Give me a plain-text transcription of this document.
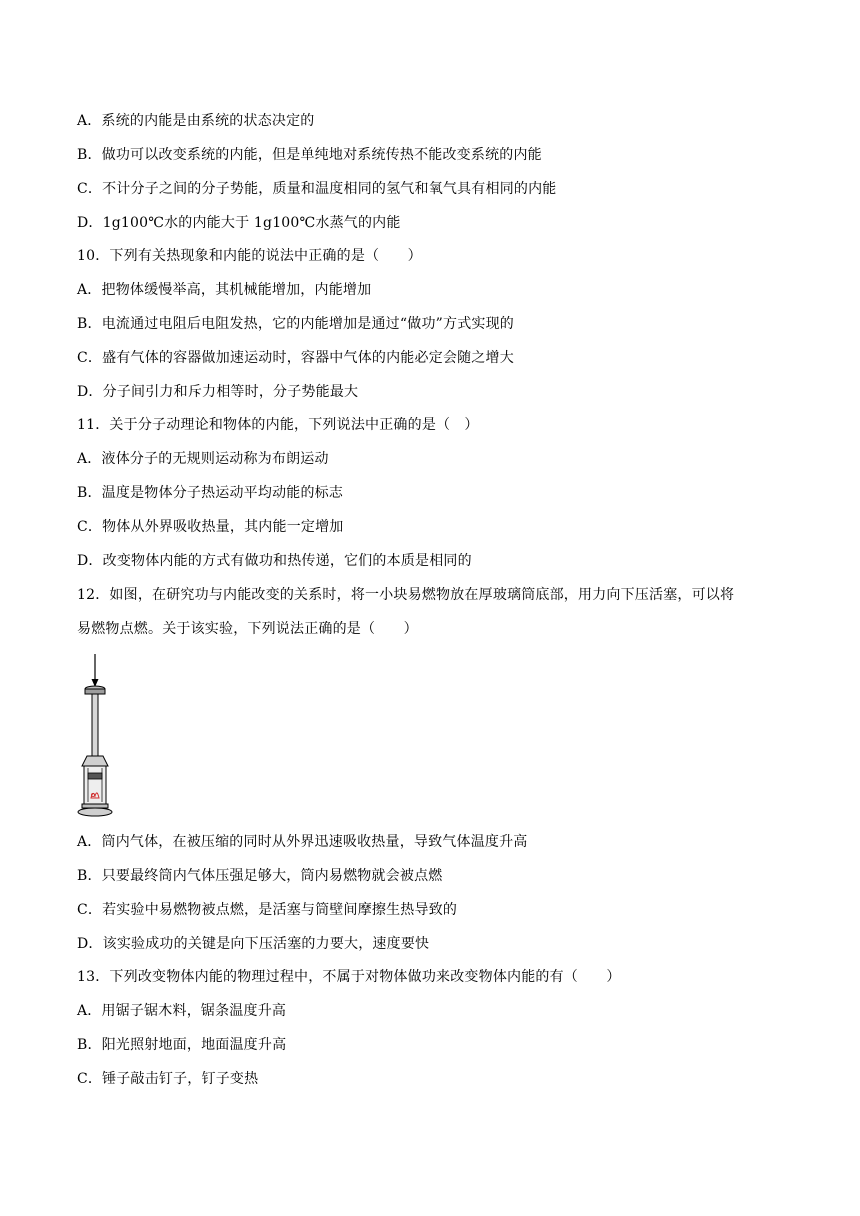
A．系统的内能是由系统的状态决定的
B．做功可以改变系统的内能，但是单纯地对系统传热不能改变系统的内能
C．不计分子之间的分子势能，质量和温度相同的氢气和氧气具有相同的内能
D．1g100℃水的内能大于 1g100℃水蒸气的内能
10．下列有关热现象和内能的说法中正确的是（　　）
A．把物体缓慢举高，其机械能增加，内能增加
B．电流通过电阻后电阻发热，它的内能增加是通过“做功”方式实现的
C．盛有气体的容器做加速运动时，容器中气体的内能必定会随之增大
D．分子间引力和斥力相等时，分子势能最大
11．关于分子动理论和物体的内能，下列说法中正确的是（　）
A．液体分子的无规则运动称为布朗运动
B．温度是物体分子热运动平均动能的标志
C．物体从外界吸收热量，其内能一定增加
D．改变物体内能的方式有做功和热传递，它们的本质是相同的
12．如图，在研究功与内能改变的关系时，将一小块易燃物放在厚玻璃筒底部，用力向下压活塞，可以将
易燃物点燃。关于该实验，下列说法正确的是（　　）
A．筒内气体，在被压缩的同时从外界迅速吸收热量，导致气体温度升高
B．只要最终筒内气体压强足够大，筒内易燃物就会被点燃
C．若实验中易燃物被点燃，是活塞与筒壁间摩擦生热导致的
D．该实验成功的关键是向下压活塞的力要大，速度要快
13．下列改变物体内能的物理过程中，不属于对物体做功来改变物体内能的有（　　）
A．用锯子锯木料，锯条温度升高
B．阳光照射地面，地面温度升高
C．锤子敲击钉子，钉子变热
